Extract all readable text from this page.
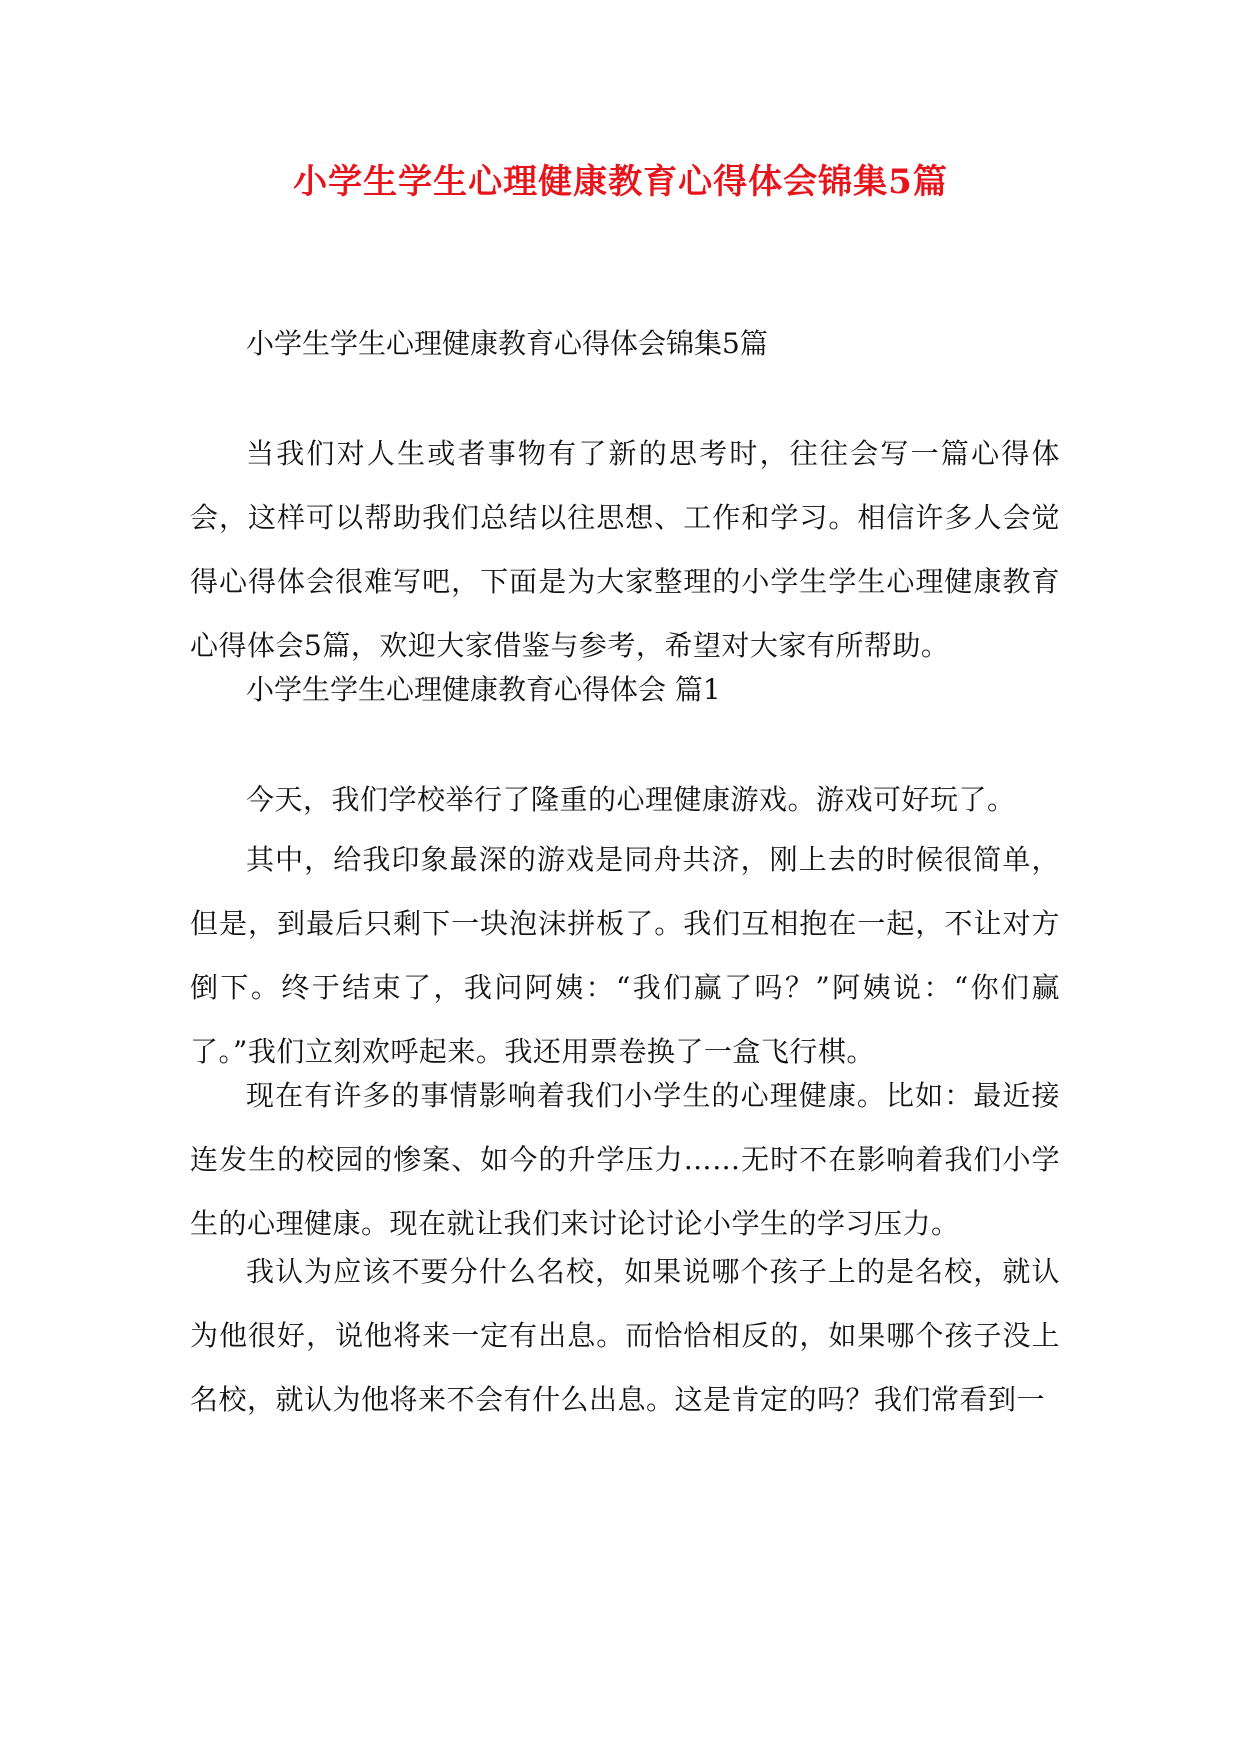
小学生学生心理健康教育心得体会锦集5篇
小学生学生心理健康教育心得体会锦集5篇
当我们对人生或者事物有了新的思考时，往往会写一篇心得体会，这样可以帮助我们总结以往思想、工作和学习。相信许多人会觉得心得体会很难写吧，下面是为大家整理的小学生学生心理健康教育心得体会5篇，欢迎大家借鉴与参考，希望对大家有所帮助。
小学生学生心理健康教育心得体会 篇1
今天，我们学校举行了隆重的心理健康游戏。游戏可好玩了。
其中，给我印象最深的游戏是同舟共济，刚上去的时候很简单，但是，到最后只剩下一块泡沫拼板了。我们互相抱在一起，不让对方倒下。终于结束了，我问阿姨：“我们赢了吗？”阿姨说：“你们赢了。”我们立刻欢呼起来。我还用票卷换了一盒飞行棋。
现在有许多的事情影响着我们小学生的心理健康。比如：最近接连发生的校园的惨案、如今的升学压力……无时不在影响着我们小学生的心理健康。现在就让我们来讨论讨论小学生的学习压力。
我认为应该不要分什么名校，如果说哪个孩子上的是名校，就认为他很好，说他将来一定有出息。而恰恰相反的，如果哪个孩子没上名校，就认为他将来不会有什么出息。这是肯定的吗？我们常看到一
